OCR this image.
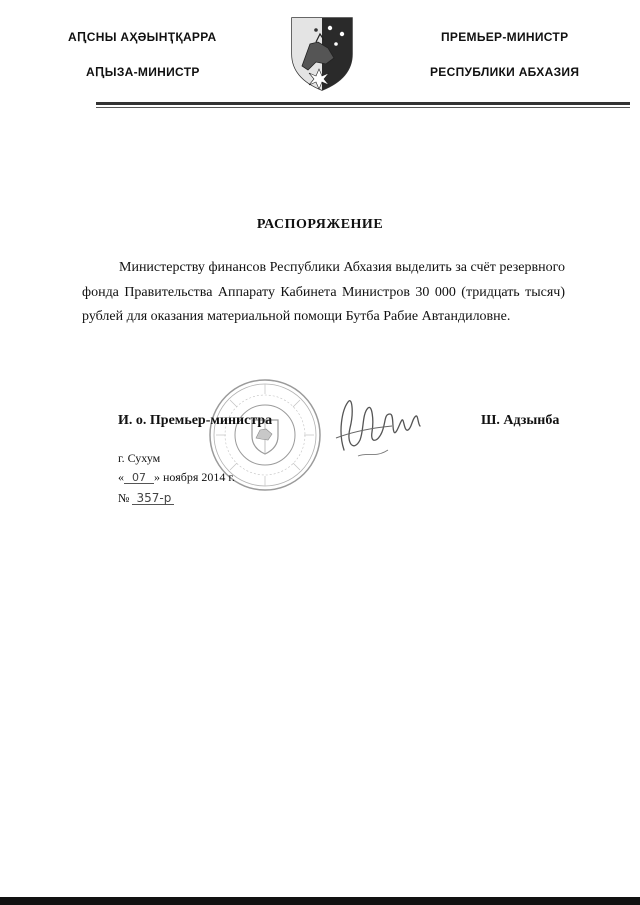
АԤСНЫ АҲӘЫНҬҚАРРА
АԤЫЗА-МИНИСТР
ПРЕМЬЕР-МИНИСТР
РЕСПУБЛИКИ АБХАЗИЯ
РАСПОРЯЖЕНИЕ
Министерству финансов Республики Абхазия выделить за счёт резервного фонда Правительства Аппарату Кабинета Министров 30 000 (тридцать тысяч) рублей для оказания материальной помощи Бутба Рабие Автандиловне.
И. о. Премьер-министра	Ш. Адзынба
г. Сухум
« 07 » ноября 2014 г.
№ 357-р
